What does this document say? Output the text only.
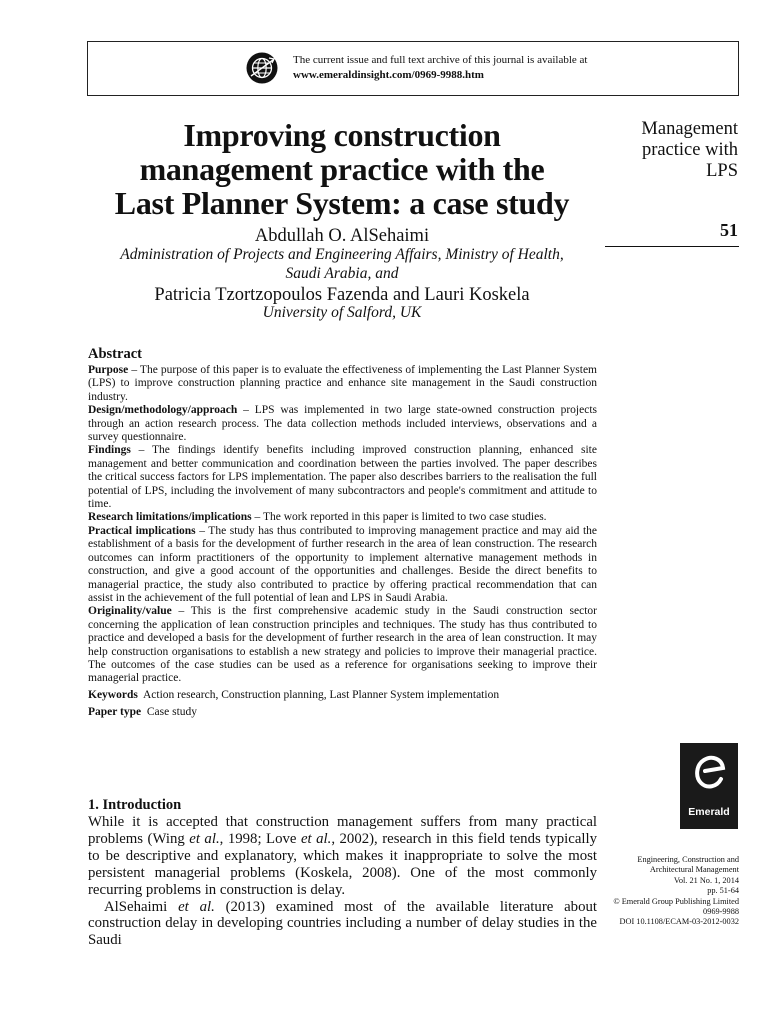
The current issue and full text archive of this journal is available at
www.emeraldinsight.com/0969-9988.htm
Improving construction
management practice with the
Last Planner System: a case study
Abdullah O. AlSehaimi
Administration of Projects and Engineering Affairs, Ministry of Health,
Saudi Arabia, and
Patricia Tzortzopoulos Fazenda and Lauri Koskela
University of Salford, UK
Management
practice with
LPS
51
Abstract

Purpose – The purpose of this paper is to evaluate the effectiveness of implementing the Last Planner System (LPS) to improve construction planning practice and enhance site management in the Saudi construction industry.

Design/methodology/approach – LPS was implemented in two large state-owned construction projects through an action research process. The data collection methods included interviews, observations and a survey questionnaire.

Findings – The findings identify benefits including improved construction planning, enhanced site management and better communication and coordination between the parties involved. The paper describes the critical success factors for LPS implementation. The paper also describes barriers to the realisation the full potential of LPS, including the involvement of many subcontractors and people's commitment and attitude to time.

Research limitations/implications – The work reported in this paper is limited to two case studies.

Practical implications – The study has thus contributed to improving management practice and may aid the establishment of a basis for the development of further research in the area of lean construction. The research outcomes can inform practitioners of the opportunity to implement alternative management methods in construction, and give a good account of the opportunities and challenges. Beside the direct benefits to managerial practice, the study also contributed to practice by offering practical recommendation that can assist in the achievement of the full potential of lean and LPS in Saudi Arabia.

Originality/value – This is the first comprehensive academic study in the Saudi construction sector concerning the application of lean construction principles and techniques. The study has thus contributed to practice and developed a basis for the development of further research in the area of lean construction. It may help construction organisations to establish a new strategy and policies to improve their managerial practice. The outcomes of the case studies can be used as a reference for organisations seeking to improve their managerial practice.

Keywords Action research, Construction planning, Last Planner System implementation

Paper type Case study

1. Introduction

While it is accepted that construction management suffers from many practical problems (Wing et al., 1998; Love et al., 2002), research in this field tends typically to be descriptive and explanatory, which makes it inappropriate to solve the most persistent managerial problems (Koskela, 2008). One of the most commonly recurring problems in construction is delay.

AlSehaimi et al. (2013) examined most of the available literature about construction delay in developing countries including a number of delay studies in the Saudi

Emerald
Engineering, Construction and
Architectural Management
Vol. 21 No. 1, 2014
pp. 51-64
© Emerald Group Publishing Limited
0969-9988
DOI 10.1108/ECAM-03-2012-0032
